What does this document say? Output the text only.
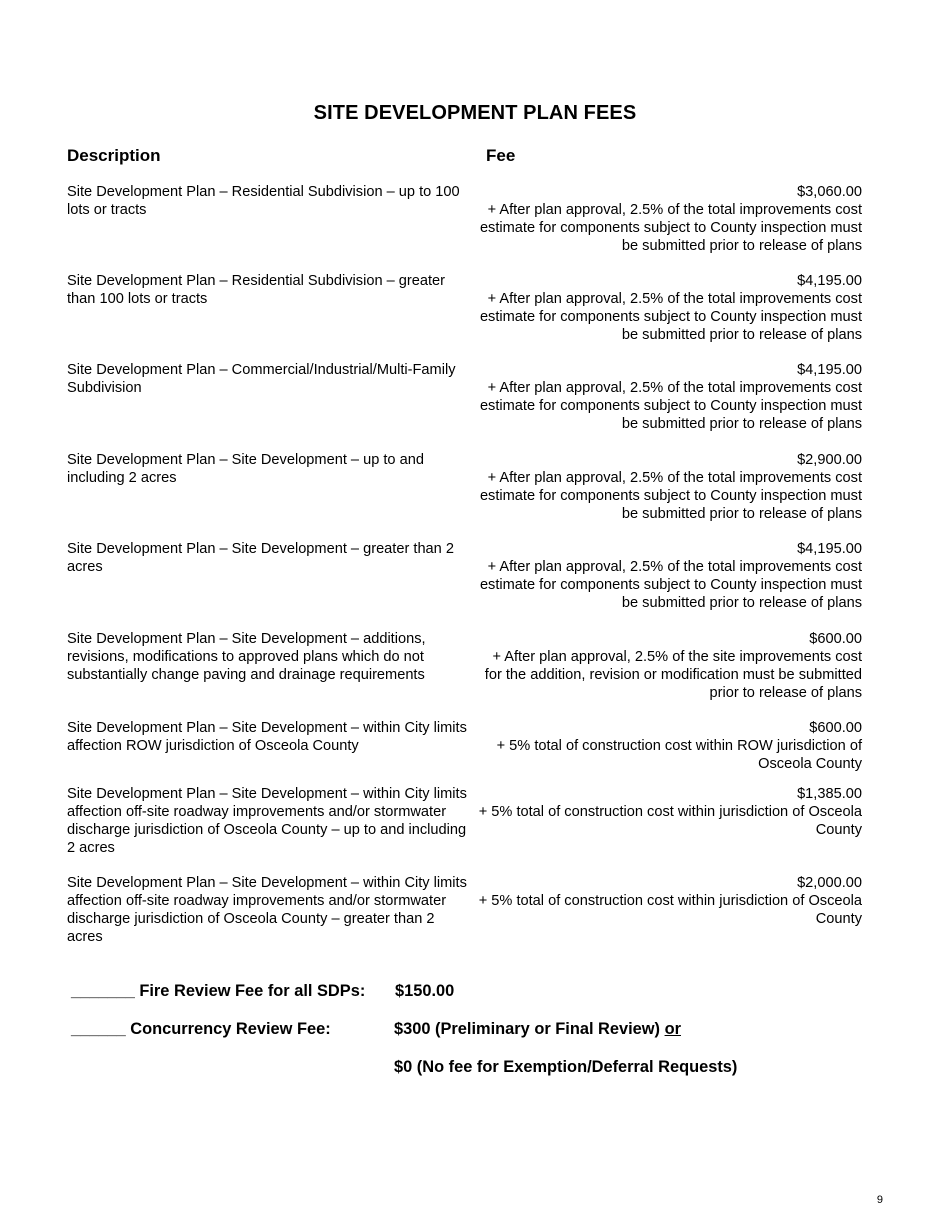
SITE DEVELOPMENT PLAN FEES
Description	Fee
Site Development Plan – Residential Subdivision – up to 100 lots or tracts
$3,060.00
+ After plan approval, 2.5% of the total improvements cost estimate for components subject to County inspection must be submitted prior to release of plans
Site Development Plan – Residential Subdivision – greater than 100 lots or tracts
$4,195.00
+ After plan approval, 2.5% of the total improvements cost estimate for components subject to County inspection must be submitted prior to release of plans
Site Development Plan – Commercial/Industrial/Multi-Family Subdivision
$4,195.00
+ After plan approval, 2.5% of the total improvements cost estimate for components subject to County inspection must be submitted prior to release of plans
Site Development Plan – Site Development – up to and including 2 acres
$2,900.00
+ After plan approval, 2.5% of the total improvements cost estimate for components subject to County inspection must be submitted prior to release of plans
Site Development Plan – Site Development – greater than 2 acres
$4,195.00
+ After plan approval, 2.5% of the total improvements cost estimate for components subject to County inspection must be submitted prior to release of plans
Site Development Plan – Site Development – additions, revisions, modifications to approved plans which do not substantially change paving and drainage requirements
$600.00
+ After plan approval, 2.5% of the site improvements cost for the addition, revision or modification must be submitted prior to release of plans
Site Development Plan – Site Development – within City limits affection ROW jurisdiction of Osceola County
$600.00
+ 5% total of construction cost within ROW jurisdiction of Osceola County
Site Development Plan – Site Development – within City limits affection off-site roadway improvements and/or stormwater discharge jurisdiction of Osceola County – up to and including 2 acres
$1,385.00
+ 5% total of construction cost within jurisdiction of Osceola County
Site Development Plan – Site Development – within City limits affection off-site roadway improvements and/or stormwater discharge jurisdiction of Osceola County – greater than 2 acres
$2,000.00
+ 5% total of construction cost within jurisdiction of Osceola County
_______ Fire Review Fee for all SDPs: $150.00
______ Concurrency Review Fee:	$300 (Preliminary or Final Review) or
$0 (No fee for Exemption/Deferral Requests)
9
